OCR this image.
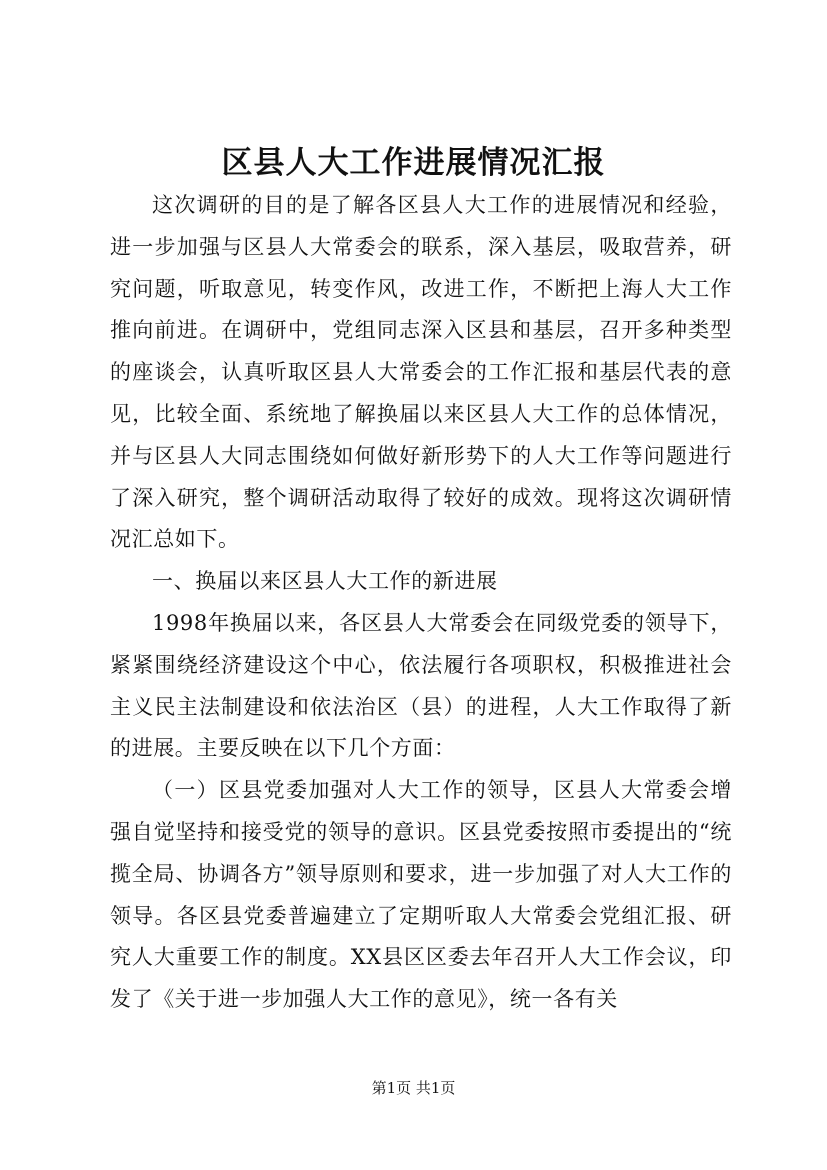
区县人大工作进展情况汇报

这次调研的目的是了解各区县人大工作的进展情况和经验，进一步加强与区县人大常委会的联系，深入基层，吸取营养，研究问题，听取意见，转变作风，改进工作，不断把上海人大工作推向前进。在调研中，党组同志深入区县和基层，召开多种类型的座谈会，认真听取区县人大常委会的工作汇报和基层代表的意见，比较全面、系统地了解换届以来区县人大工作的总体情况，并与区县人大同志围绕如何做好新形势下的人大工作等问题进行了深入研究，整个调研活动取得了较好的成效。现将这次调研情况汇总如下。

一、换届以来区县人大工作的新进展

1998年换届以来，各区县人大常委会在同级党委的领导下，紧紧围绕经济建设这个中心，依法履行各项职权，积极推进社会主义民主法制建设和依法治区（县）的进程，人大工作取得了新的进展。主要反映在以下几个方面：

（一）区县党委加强对人大工作的领导，区县人大常委会增强自觉坚持和接受党的领导的意识。区县党委按照市委提出的“统揽全局、协调各方”领导原则和要求，进一步加强了对人大工作的领导。各区县党委普遍建立了定期听取人大常委会党组汇报、研究人大重要工作的制度。XX县区区委去年召开人大工作会议，印发了《关于进一步加强人大工作的意见》，统一各有关

第1页 共1页
